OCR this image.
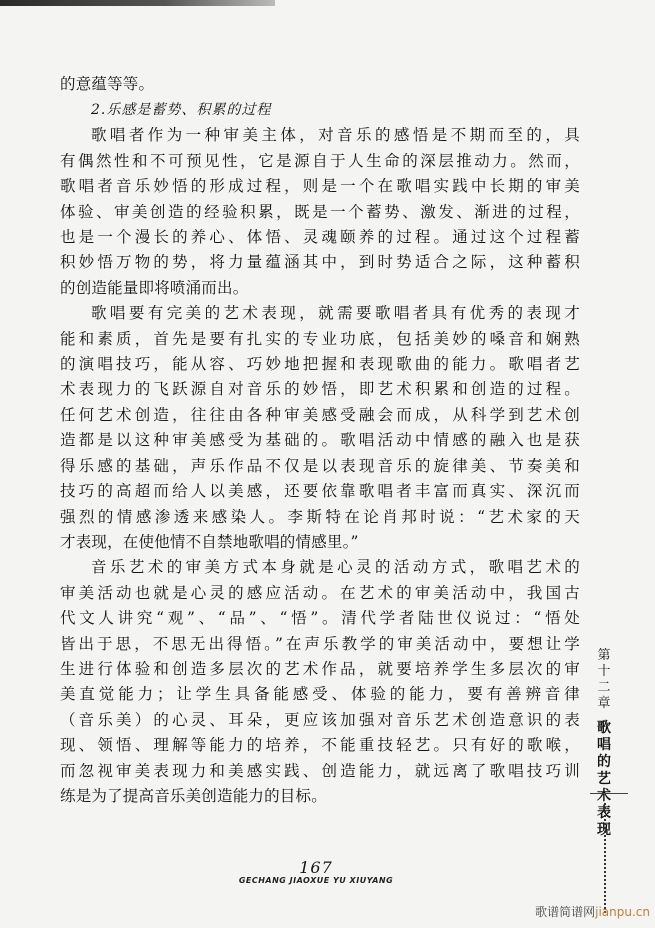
的意蕴等等。
2.乐感是蓄势、积累的过程
歌唱者作为一种审美主体，对音乐的感悟是不期而至的，具
有偶然性和不可预见性，它是源自于人生命的深层推动力。然而，
歌唱者音乐妙悟的形成过程，则是一个在歌唱实践中长期的审美
体验、审美创造的经验积累，既是一个蓄势、激发、渐进的过程，
也是一个漫长的养心、体悟、灵魂颐养的过程。通过这个过程蓄
积妙悟万物的势，将力量蕴涵其中，到时势适合之际，这种蓄积
的创造能量即将喷涌而出。
歌唱要有完美的艺术表现，就需要歌唱者具有优秀的表现才
能和素质，首先是要有扎实的专业功底，包括美妙的嗓音和娴熟
的演唱技巧，能从容、巧妙地把握和表现歌曲的能力。歌唱者艺
术表现力的飞跃源自对音乐的妙悟，即艺术积累和创造的过程。
任何艺术创造，往往由各种审美感受融会而成，从科学到艺术创
造都是以这种审美感受为基础的。歌唱活动中情感的融入也是获
得乐感的基础，声乐作品不仅是以表现音乐的旋律美、节奏美和
技巧的高超而给人以美感，还要依靠歌唱者丰富而真实、深沉而
强烈的情感渗透来感染人。李斯特在论肖邦时说：“艺术家的天
才表现，在使他情不自禁地歌唱的情感里。”
音乐艺术的审美方式本身就是心灵的活动方式，歌唱艺术的
审美活动也就是心灵的感应活动。在艺术的审美活动中，我国古
代文人讲究“观”、“品”、“悟”。清代学者陆世仪说过：“悟处
皆出于思，不思无出得悟。”在声乐教学的审美活动中，要想让学
生进行体验和创造多层次的艺术作品，就要培养学生多层次的审
美直觉能力；让学生具备能感受、体验的能力，要有善辨音律
（音乐美）的心灵、耳朵，更应该加强对音乐艺术创造意识的表
现、领悟、理解等能力的培养，不能重技轻艺。只有好的歌喉，
而忽视审美表现力和美感实践、创造能力，就远离了歌唱技巧训
练是为了提高音乐美创造能力的目标。
第
十
二
章
歌
唱
的
艺
术
表
现
167
GECHANG JIAOXUE YU XIUYANG
歌谱简谱网jianpu.cn
